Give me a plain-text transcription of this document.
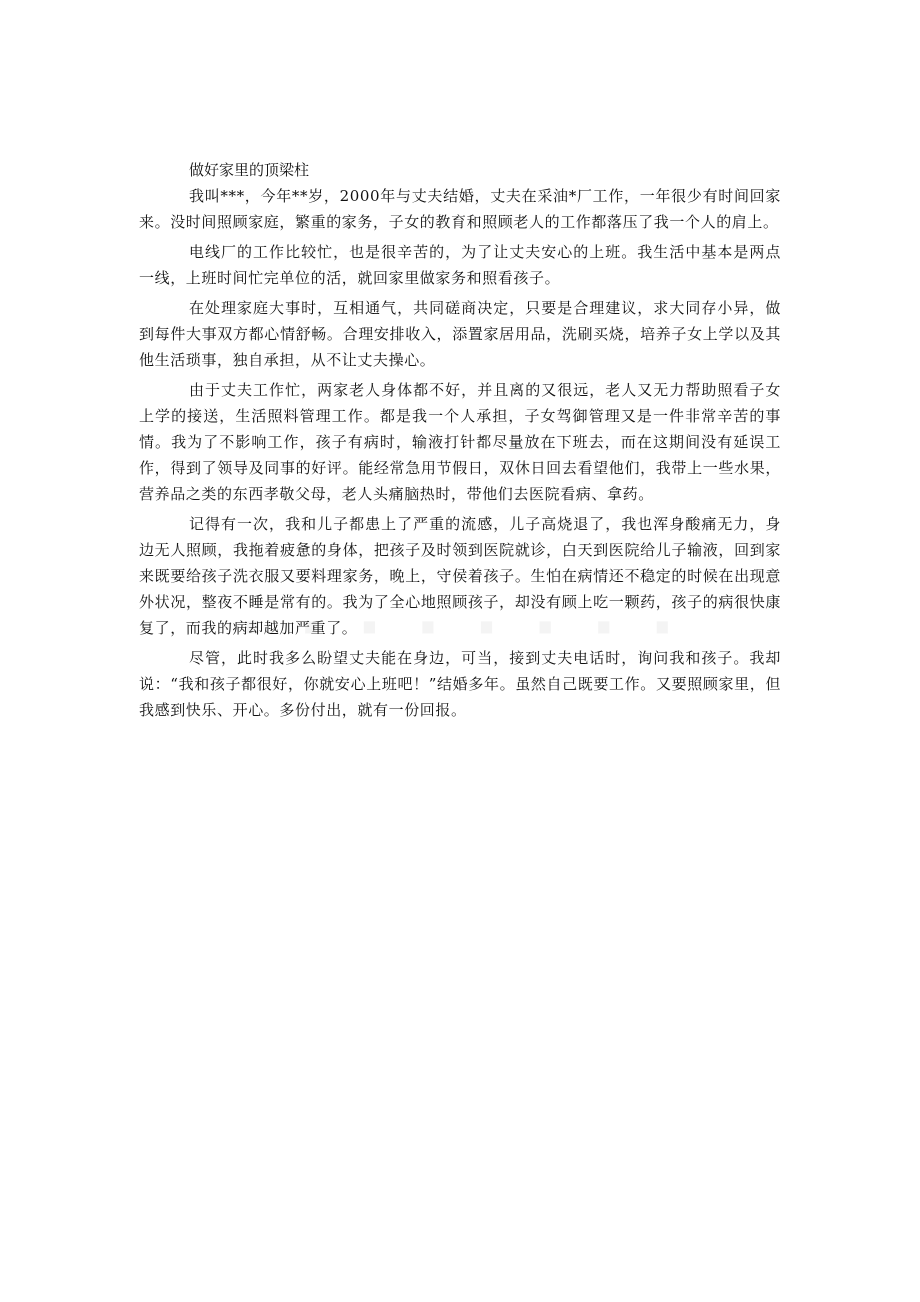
做好家里的顶梁柱

我叫***，今年**岁，2000年与丈夫结婚，丈夫在采油*厂工作，一年很少有时间回家来。没时间照顾家庭，繁重的家务，子女的教育和照顾老人的工作都落压了我一个人的肩上。

电线厂的工作比较忙，也是很辛苦的，为了让丈夫安心的上班。我生活中基本是两点一线，上班时间忙完单位的活，就回家里做家务和照看孩子。

在处理家庭大事时，互相通气，共同磋商决定，只要是合理建议，求大同存小异，做到每件大事双方都心情舒畅。合理安排收入，添置家居用品，洗刷买烧，培养子女上学以及其他生活琐事，独自承担，从不让丈夫操心。

由于丈夫工作忙，两家老人身体都不好，并且离的又很远，老人又无力帮助照看子女上学的接送，生活照料管理工作。都是我一个人承担，子女驾御管理又是一件非常辛苦的事情。我为了不影响工作，孩子有病时，输液打针都尽量放在下班去，而在这期间没有延误工作，得到了领导及同事的好评。能经常急用节假日，双休日回去看望他们，我带上一些水果，营养品之类的东西孝敬父母，老人头痛脑热时，带他们去医院看病、拿药。

记得有一次，我和儿子都患上了严重的流感，儿子高烧退了，我也浑身酸痛无力，身边无人照顾，我拖着疲惫的身体，把孩子及时领到医院就诊，白天到医院给儿子输液，回到家来既要给孩子洗衣服又要料理家务，晚上，守侯着孩子。生怕在病情还不稳定的时候在出现意外状况，整夜不睡是常有的。我为了全心地照顾孩子，却没有顾上吃一颗药，孩子的病很快康复了，而我的病却越加严重了。

尽管，此时我多么盼望丈夫能在身边，可当，接到丈夫电话时，询问我和孩子。我却说：“我和孩子都很好，你就安心上班吧！”结婚多年。虽然自己既要工作。又要照顾家里，但我感到快乐、开心。多份付出，就有一份回报。
